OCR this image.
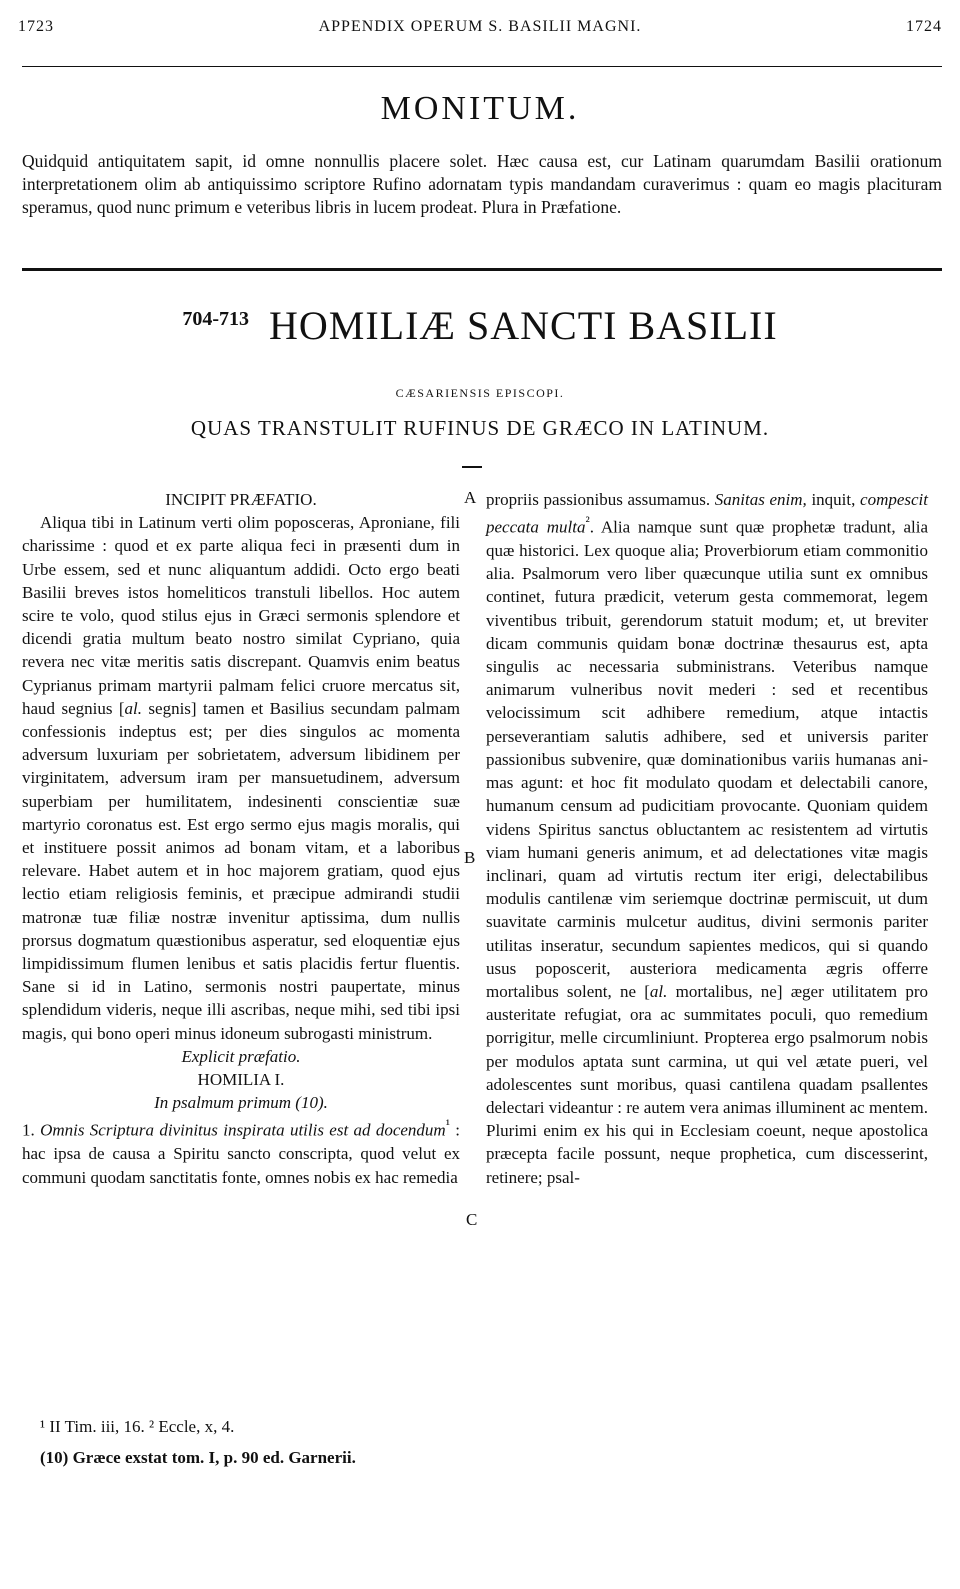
1723	APPENDIX OPERUM S. BASILII MAGNI.	1724
MONITUM.
Quidquid antiquitatem sapit, id omne nonnullis placere solet. Hæc causa est, cur Latinam quarumdam Basilii orationum interpretationem olim ab antiquissimo scriptore Rufino adornatam typis mandandam curaverimus : quam eo magis placituram speramus, quod nunc primum e veteribus libris in lucem prodeat. Plura in Præfatione.
704-713 HOMILIÆ SANCTI BASILII
CÆSARIENSIS EPISCOPI.
QUAS TRANSTULIT RUFINUS DE GRÆCO IN LATINUM.

INCIPIT PRÆFATIO.

Aliqua tibi in Latinum verti olim poposceras, Apronianе, fili charissime : quod et ex parte aliqua feci in præsenti dum in Urbe essem, sed et nunc aliquantum addidi. Octo ergo beati Basilii breves istos homeliticos transtuli libellos. Hoc autem scire te volo, quod stilus ejus in Græci sermonis splendore et dicendi gratia multum beato nostro similat Cypriano, quia revera nec vitæ meritis satis discrepant. Quamvis enim beatus Cyprianus primam martyrii palmam felici cruore mercatus sit, haud segnius [al. segnis] tamen et Basilius secundam palmam confessionis indeptus est; per dies singulos ac momenta adversum luxuriam per sobrietatem, adversum libidinem per virginitatem, adversum iram per mansuetudinem, adversum superbiam per humilitatem, indesinenti conscientiæ suæ martyrio coronatus est. Est ergo sermo ejus magis moralis, qui et instituere possit animos ad bonam vitam, et a laboribus relevare. Habet autem et in hoc majorem gratiam, quod ejus lectio etiam religiosis feminis, et præcipue admirandi studii matronæ tuæ filiæ nostræ invenitur aptissima, dum nullis prorsus dogmatum quæstionibus asperatur, sed eloquentiæ ejus limpidissimum flumen lenibus et satis placidis fertur fluentis. Sane si id in Latino, sermonis nostri paupertate, minus splendidum videris, neque illi ascribas, neque mihi, sed tibi ipsi magis, qui bono operi minus idoneum subrogasti ministrum.

Explicit præfatio.

HOMILIA I.

In psalmum primum (10).

1. Omnis Scriptura divinitus inspirata utilis est ad docendum$^{^1}$ : hac ipsa de causa a Spiritu sancto conscripta, quod velut ex communi quodam sanctitatis fonte, omnes nobis ex hac remedia

A
B
C

propriis passionibus assumamus. Sanitas enim, inquit, compescit peccata multa$^{^2}$. Alia namque sunt quæ prophetæ tradunt, alia quæ historici. Lex quoque alia; Proverbiorum etiam commonitio alia. Psalmorum vero liber quæcunque utilia sunt ex omnibus continet, futura prædicit, veterum gesta commemorat, legem viventibus tribuit, gerendorum statuit modum; et, ut breviter dicam communis quidam bonæ doctrinæ thesaurus est, apta singulis ac necessaria subministrans. Veteribus namque animarum vulneribus novit mederi : sed et recentibus velocissimum scit adhibere remedium, atque intactis perseverantiam salutis adhibere, sed et universis pariter passionibus subvenire, quæ dominationibus variis humanas animas agunt: et hoc fit modulato quodam et delectabili canore, humanum censum ad pudicitiam provocante. Quoniam quidem videns Spiritus sanctus obluctantem ac resistentem ad virtutis viam humani generis animum, et ad delectationes vitæ magis inclinari, quam ad virtutis rectum iter erigi, delectabilibus modulis cantilenæ vim seriemque doctrinæ permiscuit, ut dum suavitate carminis mulcetur auditus, divini sermonis pariter utilitas inseratur, secundum sapientes medicos, qui si quando usus poposcerit, austeriora medicamenta ægris offerre mortalibus solent, ne [al. mortalibus, ne] æger utilitatem pro austeritate refugiat, ora ac summitates poculi, quo remedium porrigitur, melle circumliniunt. Propterea ergo psalmorum nobis per modulos aptata sunt carmina, ut qui vel ætate pueri, vel adolescentes sunt moribus, quasi cantilena quadam psallentes delectari videantur : re autem vera animas illuminent ac mentem. Plurimi enim ex his qui in Ecclesiam coeunt, neque apostolica præcepta facile possunt, neque prophetica, cum discesserint, retinere; psal-

¹ II Tim. iii, 16. ² Eccle, x, 4.

(10) Græce exstat tom. I, p. 90 ed. Garnerii.
